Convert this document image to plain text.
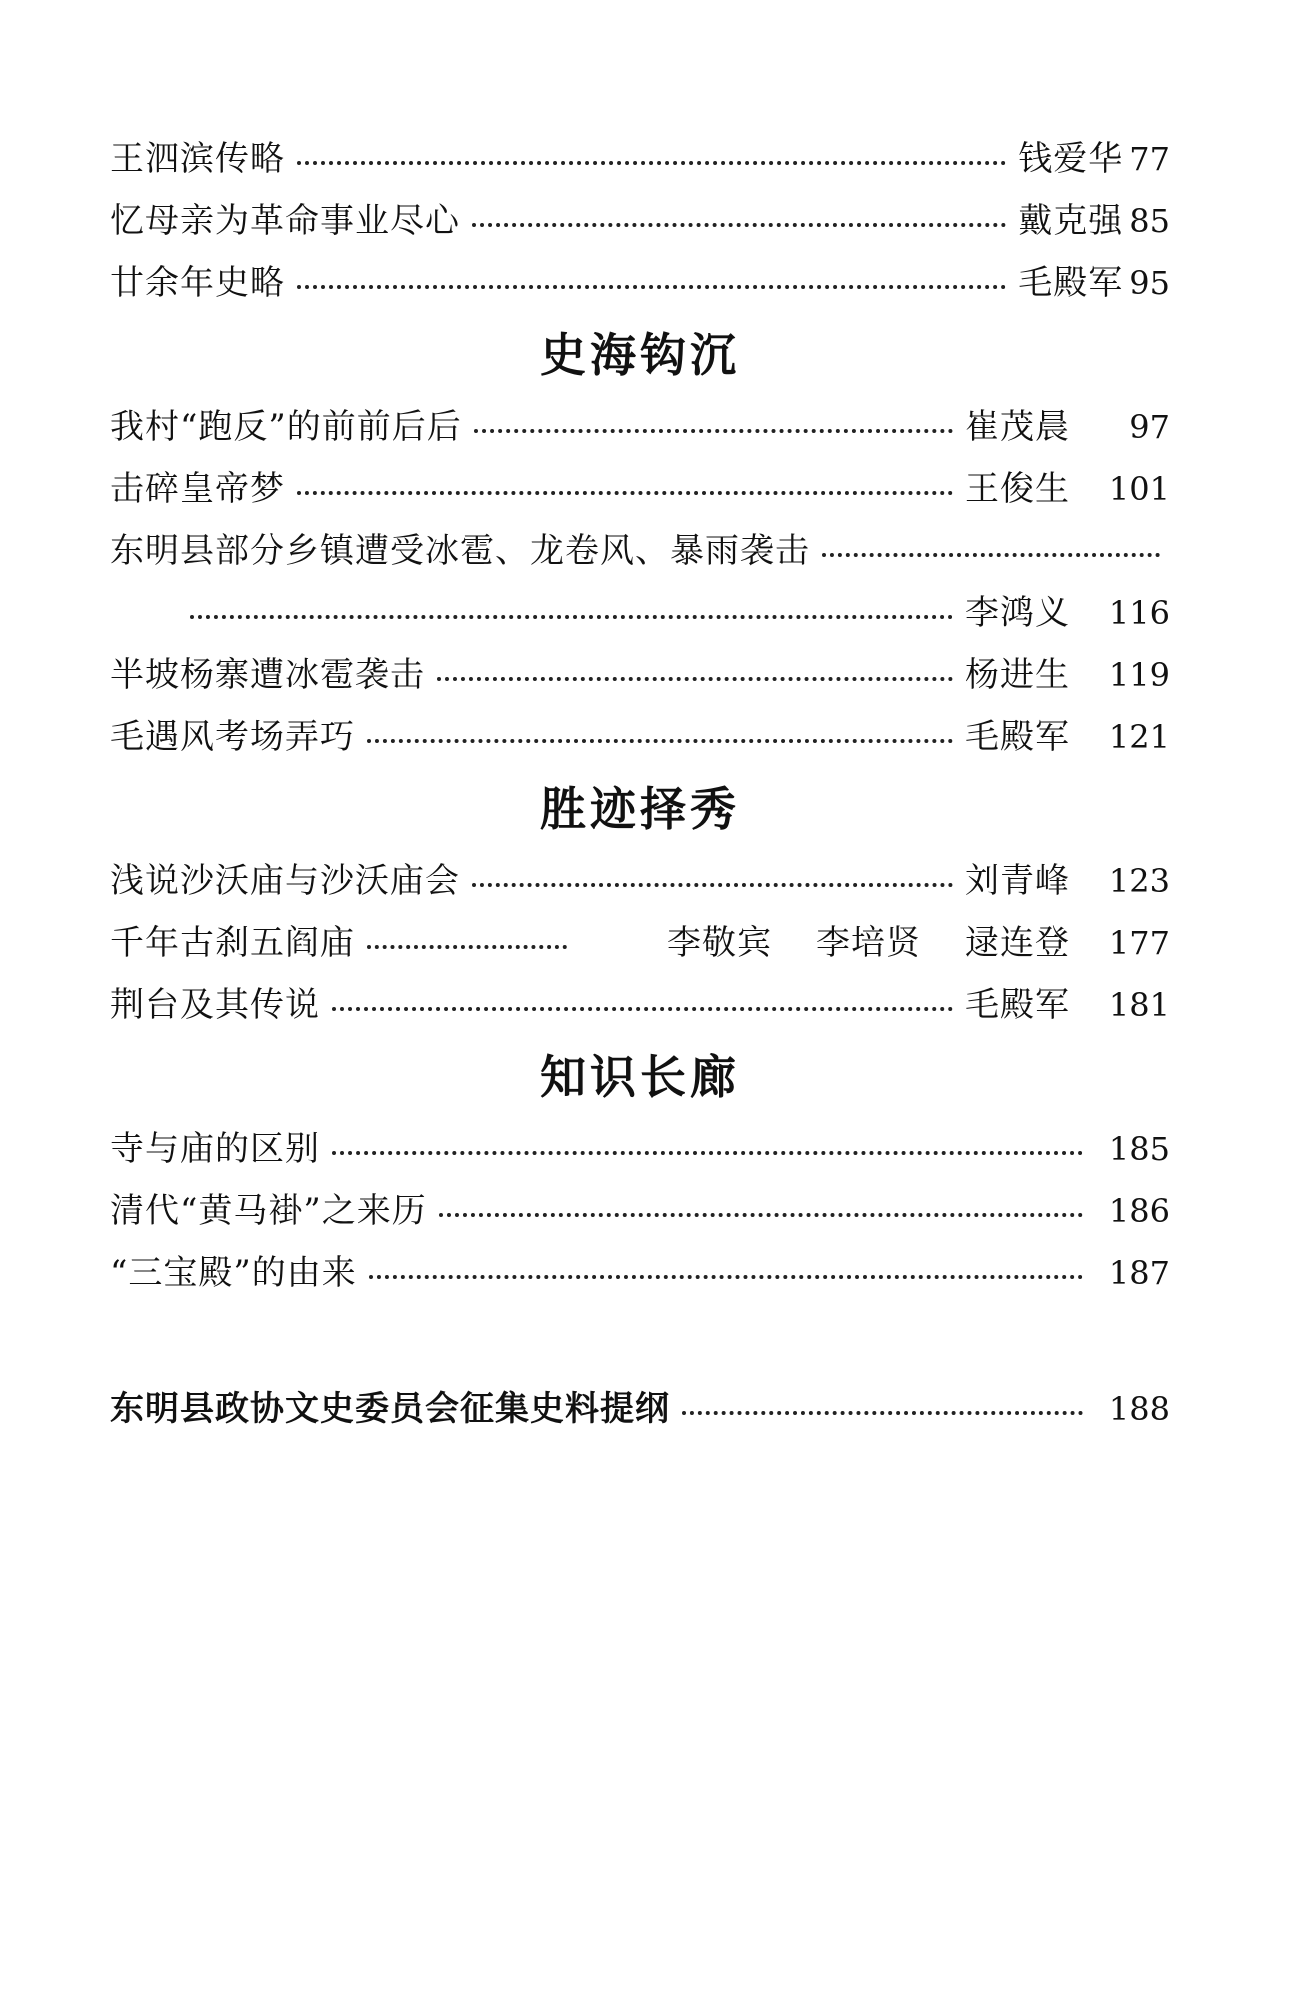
王泗滨传略	钱爱华 77
忆母亲为革命事业尽心	戴克强 85
廿余年史略	毛殿军 95
史海钩沉
我村“跑反”的前前后后	崔茂晨	97
击碎皇帝梦	王俊生	101
东明县部分乡镇遭受冰雹、龙卷风、暴雨袭击
李鸿义	116
半坡杨寨遭冰雹袭击	杨进生	119
毛遇风考场弄巧	毛殿军	121
胜迹择秀
浅说沙沃庙与沙沃庙会	刘青峰	123
千年古刹五阎庙	李敬宾 李培贤 逯连登	177
荆台及其传说	毛殿军	181
知识长廊
寺与庙的区别	185
清代“黄马褂”之来历	186
“三宝殿”的由来	187
东明县政协文史委员会征集史料提纲	188
